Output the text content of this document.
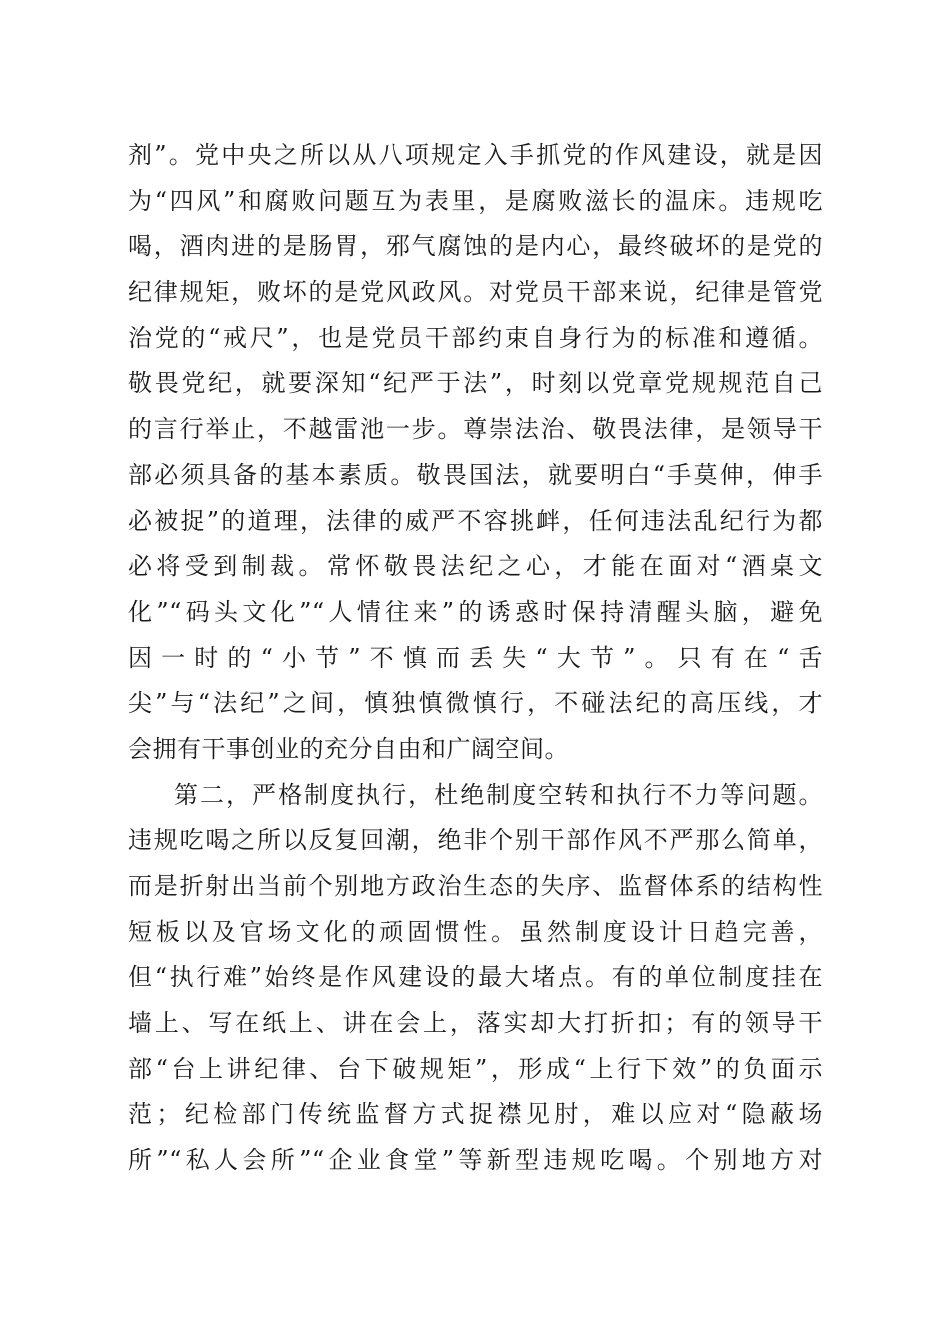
剂”。党中央之所以从八项规定入手抓党的作风建设，就是因
为“四风”和腐败问题互为表里，是腐败滋长的温床。违规吃
喝，酒肉进的是肠胃，邪气腐蚀的是内心，最终破坏的是党的
纪律规矩，败坏的是党风政风。对党员干部来说，纪律是管党
治党的“戒尺”，也是党员干部约束自身行为的标准和遵循。
敬畏党纪，就要深知“纪严于法”，时刻以党章党规规范自己
的言行举止，不越雷池一步。尊崇法治、敬畏法律，是领导干
部必须具备的基本素质。敬畏国法，就要明白“手莫伸，伸手
必被捉”的道理，法律的威严不容挑衅，任何违法乱纪行为都
必将受到制裁。常怀敬畏法纪之心，才能在面对“酒桌文
化”“码头文化”“人情往来”的诱惑时保持清醒头脑，避免
因一时的“小节”不慎而丢失“大节”。只有在“舌
尖”与“法纪”之间，慎独慎微慎行，不碰法纪的高压线，才
会拥有干事创业的充分自由和广阔空间。
第二，严格制度执行，杜绝制度空转和执行不力等问题。
违规吃喝之所以反复回潮，绝非个别干部作风不严那么简单，
而是折射出当前个别地方政治生态的失序、监督体系的结构性
短板以及官场文化的顽固惯性。虽然制度设计日趋完善，
但“执行难”始终是作风建设的最大堵点。有的单位制度挂在
墙上、写在纸上、讲在会上，落实却大打折扣；有的领导干
部“台上讲纪律、台下破规矩”，形成“上行下效”的负面示
范；纪检部门传统监督方式捉襟见肘，难以应对“隐蔽场
所”“私人会所”“企业食堂”等新型违规吃喝。个别地方对
